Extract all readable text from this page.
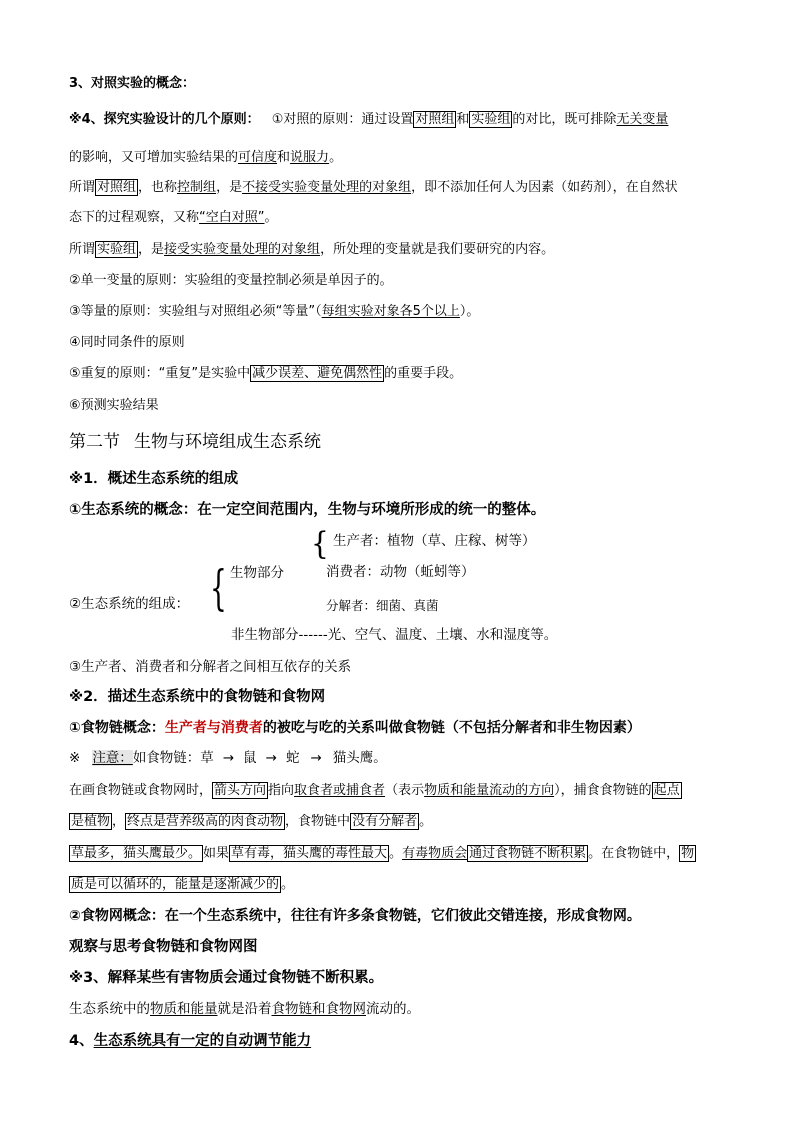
3、对照实验的概念：
※4、探究实验设计的几个原则： ①对照的原则：通过设置 对照组 和 实验组 的对比，既可排除无关变量
的影响，又可增加实验结果的可信度和说服力。
所谓 对照组 ，也称控制组，是不接受实验变量处理的对象组，即不添加任何人为因素（如药剂），在自然状
态下的过程观察，又称“空白对照”。
所谓 实验组 ，是接受实验变量处理的对象组，所处理的变量就是我们要研究的内容。
②单一变量的原则：实验组的变量控制必须是单因子的。
③等量的原则：实验组与对照组必须“等量”（每组实验对象各5个以上）。
④同时同条件的原则
⑤重复的原则：“重复”是实验中 减少误差、避免偶然性 的重要手段。
⑥预测实验结果
第二节 生物与环境组成生态系统
※1．概述生态系统的组成
①生态系统的概念：在一定空间范围内，生物与环境所形成的统一的整体。
{ 生产者：植物（草、庄稼、树等）
生物部分	消费者：动物（蚯蚓等）
{
②生态系统的组成：	分解者：细菌、真菌
非生物部分------光、空气、温度、土壤、水和湿度等。
③生产者、消费者和分解者之间相互依存的关系
※2．描述生态系统中的食物链和食物网
①食物链概念：生产者与消费者的被吃与吃的关系叫做食物链（不包括分解者和非生物因素）
※ 注意：如食物链：草 → 鼠 → 蛇 → 猫头鹰。
在画食物链或食物网时， 箭头方向 指向取食者或捕食者（表示物质和能量流动的方向），捕食食物链的 起点
是植物 ， 终点是营养级高的肉食动物 ，食物链中 没有分解者 。
草最多，猫头鹰最少。 如果 草有毒，猫头鹰的毒性最大 。有毒物质会 通过食物链不断积累 。在食物链中， 物
质是可以循环的，能量是逐渐减少的 。
②食物网概念：在一个生态系统中，往往有许多条食物链，它们彼此交错连接，形成食物网。
观察与思考食物链和食物网图
※3、解释某些有害物质会通过食物链不断积累。
生态系统中的物质和能量就是沿着食物链和食物网流动的。
4、生态系统具有一定的自动调节能力
